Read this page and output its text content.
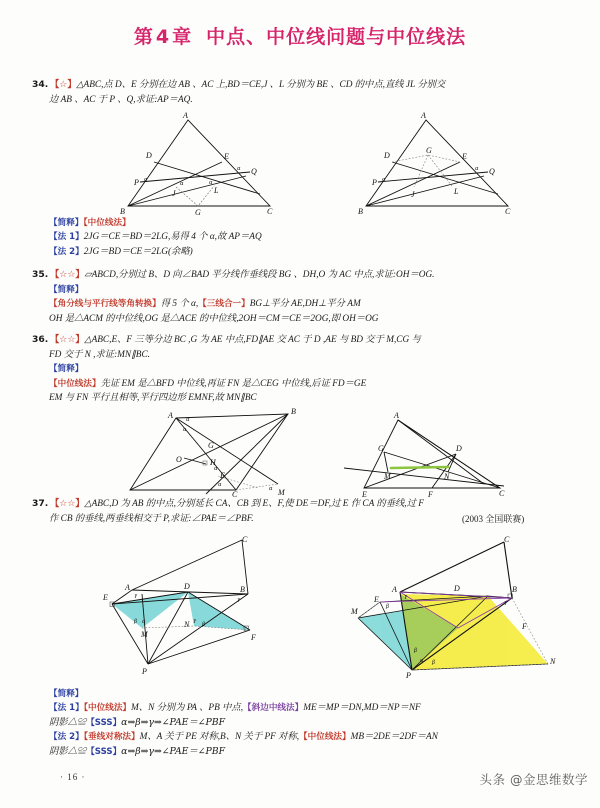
第 4 章 中点、中位线问题与中位线法
34. 【☆】△ABC,点 D、E 分别在边 AB 、AC 上,BD＝CE,J 、L 分别为 BE 、CD 的中点,直线 JL 分别交
边 AB 、AC 于 P 、Q,求证:AP＝AQ.
A
D	E
P
Q
J	L
B	G	C
α
α
α	α
A
D
G
E
P
Q
J	L
B	C
α
α
【简释】【中位线法】
【法 1】2JG＝CE＝BD＝2LG,易得 4 个 α,故 AP＝AQ
【法 2】2JG＝BD＝CE＝2LG(余略)
35. 【☆☆】▱ABCD,分别过 B、D 向∠BAD 平分线作垂线段 BG 、DH,O 为 AC 中点,求证:OH＝OG.
【简释】
【角分线与平行线等角转换】得 5 个 α,【三线合一】BG⊥平分 AE,DH⊥平分 AM
OH 是△ACM 的中位线,OG 是△ACE 的中位线,2OH＝CM＝CE＝2OG,即 OH＝OG
36. 【☆☆】△ABC,E、F 三等分边 BC ,G 为 AE 中点,FD∥AE 交 AC 于 D ,AE 与 BD 交于 M,CG 与
FD 交于 N ,求证:MN∥BC.
【简释】
【中位线法】先证 EM 是△BFD 中位线,再证 FN 是△CEG 中位线,后证 FD＝GE
EM 与 FN 平行且相等,平行四边形 EMNF,故 MN∥BC
A	B
G
O	H
E
C	M
α
α
α
α
α
A
G	D
M	N
E	F	C
37. 【☆☆】△ABC,D 为 AB 的中点,分别延长 CA、CB 到 E、F,使 DE＝DF,过 E 作 CA 的垂线,过 F
作 CB 的垂线,两垂线相交于 P,求证:∠PAE＝∠PBF.	(2003 全国联赛)
C
A	D	B
E
M
N
F
P
γ
β α	γ
β
γ
C
A	D	B
E
M
F
N
P
β
γ
β
α β
γ
【简释】
【法 1】【中位线法】M、N 分别为 PA 、PB 中点,【斜边中线法】ME＝MP＝DN,MD＝NP＝NF
阴影△≌【SSS】α⇒β⇒γ⇒∠PAE＝∠PBF
【法 2】【垂线对称法】M、A 关于 PE 对称,B、N 关于 PF 对称,【中位线法】MB＝2DE＝2DF＝AN
阴影△≌【SSS】α⇒β⇒γ⇒∠PAE＝∠PBF
· 16 ·	头条 @金思维数学
